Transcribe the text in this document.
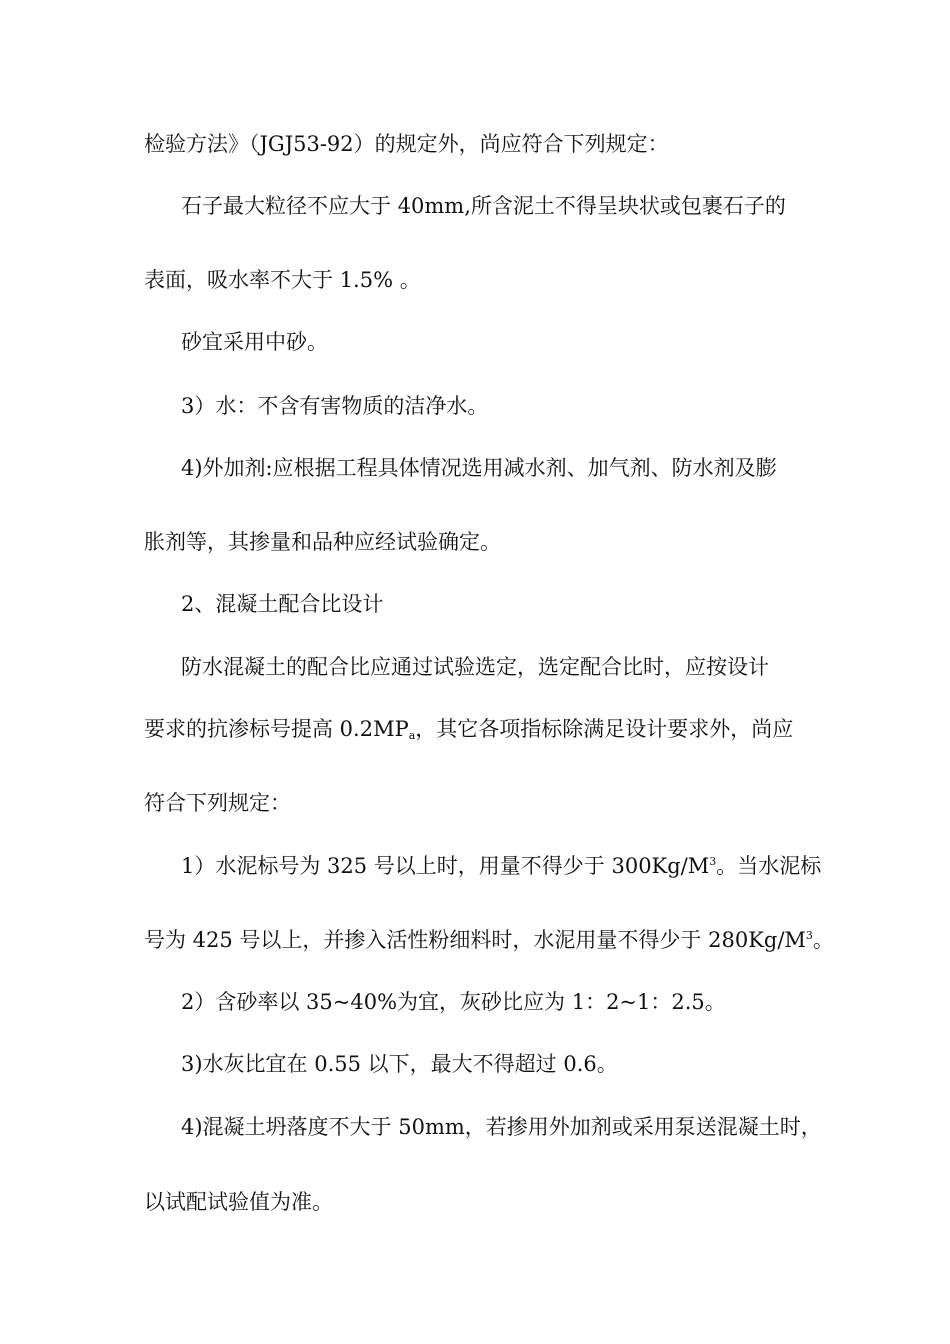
检验方法》（JGJ53-92）的规定外，尚应符合下列规定：
石子最大粒径不应大于 40mm,所含泥土不得呈块状或包裹石子的
表面，吸水率不大于 1.5% 。
砂宜采用中砂。
3）水：不含有害物质的洁净水。
4)外加剂:应根据工程具体情况选用减水剂、加气剂、防水剂及膨
胀剂等，其掺量和品种应经试验确定。
2、混凝土配合比设计
防水混凝土的配合比应通过试验选定，选定配合比时，应按设计
要求的抗渗标号提高 $0.2MP_a$，其它各项指标除满足设计要求外，尚应
符合下列规定：
1）水泥标号为 325 号以上时，用量不得少于 $300Kg/M^3$。当水泥标
号为 425 号以上，并掺入活性粉细料时，水泥用量不得少于 $280Kg/M^3$。
2）含砂率以 35~40%为宜，灰砂比应为 1：2~1：2.5。
3)水灰比宜在 0.55 以下，最大不得超过 0.6。
4)混凝土坍落度不大于 50mm，若掺用外加剂或采用泵送混凝土时，
以试配试验值为准。
